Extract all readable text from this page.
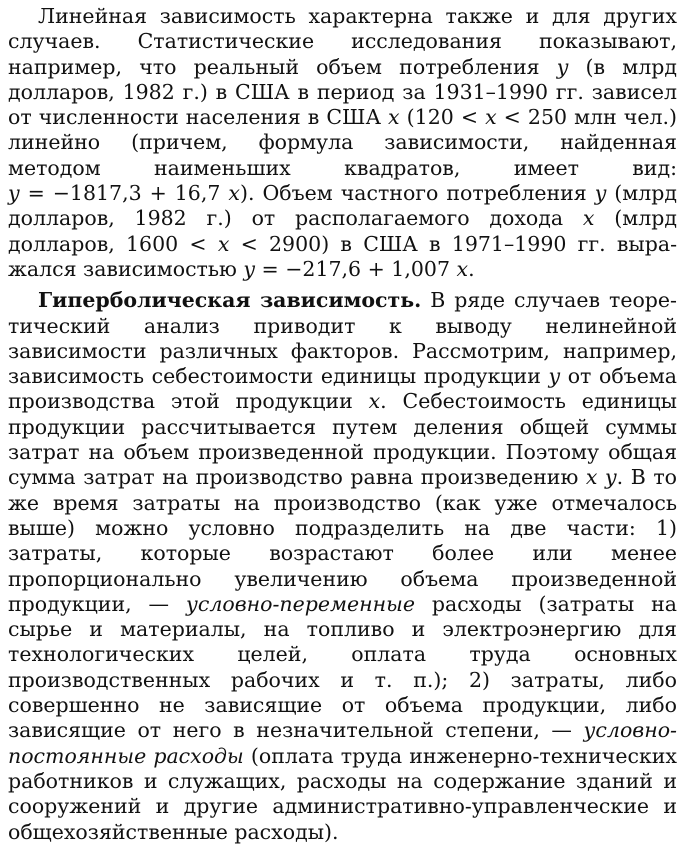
Линейная зависимость характерна также и для других случаев. Статистические исследования показывают, например, что реальный объем потребления y (в млрд долларов, 1982 г.) в США в период за 1931–1990 гг. зависел от численности населения в США x (120 < x < 250 млн чел.) линейно (причем, формула зависимости, найденная методом наименьших квадратов, имеет вид: y = −1817,3 + 16,7 x). Объем частного потребления y (млрд долларов, 1982 г.) от располагаемого дохода x (млрд долларов, 1600 < x < 2900) в США в 1971–1990 гг. выражался зависимостью y = −217,6 + 1,007 x.

Гиперболическая зависимость. В ряде случаев теоретический анализ приводит к выводу нелинейной зависимости различных факторов. Рассмотрим, например, зависимость себестоимости единицы продукции y от объема производства этой продукции x. Себестоимость единицы продукции рассчитывается путем деления общей суммы затрат на объем произведенной продукции. Поэтому общая сумма затрат на производство равна произведению x y. В то же время затраты на производство (как уже отмечалось выше) можно условно подразделить на две части: 1) затраты, которые возрастают более или менее пропорционально увеличению объема произведенной продукции, — условно-переменные расходы (затраты на сырье и материалы, на топливо и электроэнергию для технологических целей, оплата труда основных производственных рабочих и т. п.); 2) затраты, либо совершенно не зависящие от объема продукции, либо зависящие от него в незначительной степени, — условно-постоянные расходы (оплата труда инженерно-технических работников и служащих, расходы на содержание зданий и сооружений и другие административно-управленческие и общехозяйственные расходы).
